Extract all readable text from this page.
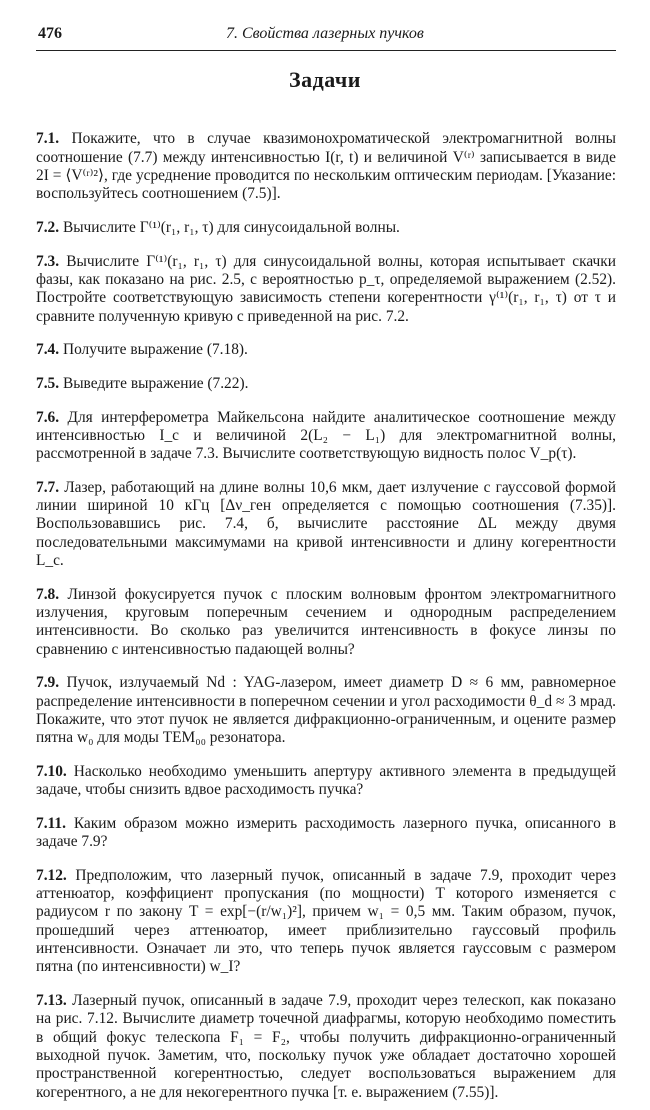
476	7. Свойства лазерных пучков
Задачи

7.1. Покажите, что в случае квазимонохроматической электромагнитной волны соотношение (7.7) между интенсивностью I(r, t) и величиной V⁽ʳ⁾ записывается в виде 2I = ⟨V⁽ʳ⁾²⟩, где усреднение проводится по нескольким оптическим периодам. [Указание: воспользуйтесь соотношением (7.5)].

7.2. Вычислите Γ⁽¹⁾(r₁, r₁, τ) для синусоидальной волны.

7.3. Вычислите Γ⁽¹⁾(r₁, r₁, τ) для синусоидальной волны, которая испытывает скачки фазы, как показано на рис. 2.5, с вероятностью p_τ, определяемой выражением (2.52). Постройте соответствующую зависимость степени когерентности γ⁽¹⁾(r₁, r₁, τ) от τ и сравните полученную кривую с приведенной на рис. 7.2.

7.4. Получите выражение (7.18).

7.5. Выведите выражение (7.22).

7.6. Для интерферометра Майкельсона найдите аналитическое соотношение между интенсивностью I_c и величиной 2(L₂ − L₁) для электромагнитной волны, рассмотренной в задаче 7.3. Вычислите соответствующую видность полос V_p(τ).

7.7. Лазер, работающий на длине волны 10,6 мкм, дает излучение с гауссовой формой линии шириной 10 кГц [Δν_ген определяется с помощью соотношения (7.35)]. Воспользовавшись рис. 7.4, б, вычислите расстояние ΔL между двумя последовательными максимумами на кривой интенсивности и длину когерентности L_c.

7.8. Линзой фокусируется пучок с плоским волновым фронтом электромагнитного излучения, круговым поперечным сечением и однородным распределением интенсивности. Во сколько раз увеличится интенсивность в фокусе линзы по сравнению с интенсивностью падающей волны?

7.9. Пучок, излучаемый Nd : YAG-лазером, имеет диаметр D ≈ 6 мм, равномерное распределение интенсивности в поперечном сечении и угол расходимости θ_d ≈ 3 мрад. Покажите, что этот пучок не является дифракционно-ограниченным, и оцените размер пятна w₀ для моды TEM₀₀ резонатора.

7.10. Насколько необходимо уменьшить апертуру активного элемента в предыдущей задаче, чтобы снизить вдвое расходимость пучка?

7.11. Каким образом можно измерить расходимость лазерного пучка, описанного в задаче 7.9?

7.12. Предположим, что лазерный пучок, описанный в задаче 7.9, проходит через аттенюатор, коэффициент пропускания (по мощности) T которого изменяется с радиусом r по закону T = exp[−(r/w₁)²], причем w₁ = 0,5 мм. Таким образом, пучок, прошедший через аттенюатор, имеет приблизительно гауссовый профиль интенсивности. Означает ли это, что теперь пучок является гауссовым с размером пятна (по интенсивности) w_I?

7.13. Лазерный пучок, описанный в задаче 7.9, проходит через телескоп, как показано на рис. 7.12. Вычислите диаметр точечной диафрагмы, которую необходимо поместить в общий фокус телескопа F₁ = F₂, чтобы получить дифракционно-ограниченный выходной пучок. Заметим, что, поскольку пучок уже обладает достаточно хорошей пространственной когерентностью, следует воспользоваться выражением для когерентного, а не для некогерентного пучка [т. е. выражением (7.55)].
